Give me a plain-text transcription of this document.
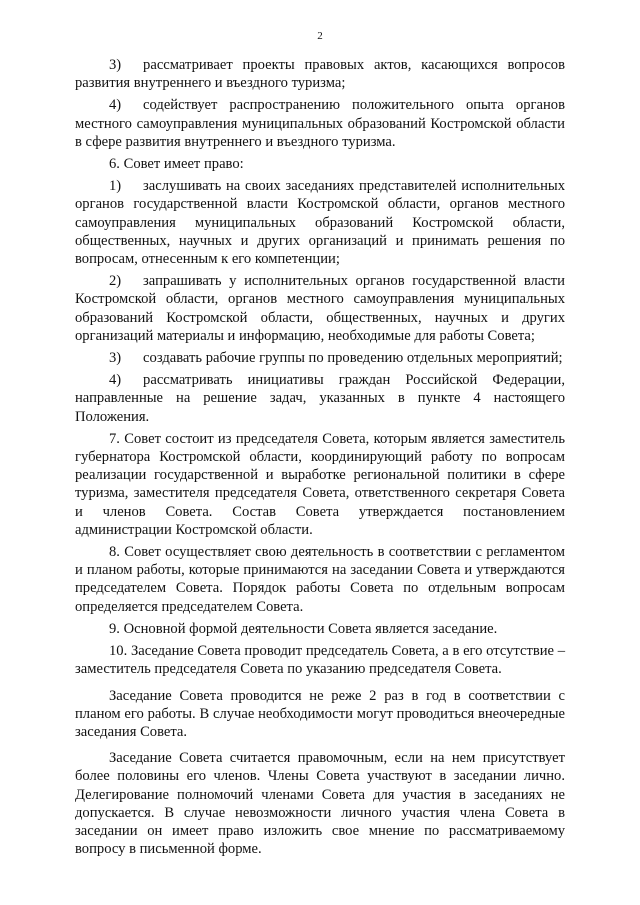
2

3)  рассматривает проекты правовых актов, касающихся вопросов развития внутреннего и въездного туризма;

4)  содействует распространению положительного опыта органов местного самоуправления муниципальных образований Костромской области в сфере развития внутреннего и въездного туризма.

6. Совет имеет право:

1)  заслушивать на своих заседаниях представителей исполнительных органов государственной власти Костромской области, органов местного самоуправления муниципальных образований Костромской области, общественных, научных и других организаций и принимать решения по вопросам, отнесенным к его компетенции;

2)  запрашивать у исполнительных органов государственной власти Костромской области, органов местного самоуправления муниципальных образований Костромской области, общественных, научных и других организаций материалы и информацию, необходимые для работы Совета;

3)  создавать рабочие группы по проведению отдельных мероприятий;

4)  рассматривать инициативы граждан Российской Федерации, направленные на решение задач, указанных в пункте 4 настоящего Положения.

7. Совет состоит из председателя Совета, которым является заместитель губернатора Костромской области, координирующий работу по вопросам реализации государственной и выработке региональной политики в сфере туризма, заместителя председателя Совета, ответственного секретаря Совета и членов Совета. Состав Совета утверждается постановлением администрации Костромской области.

8. Совет осуществляет свою деятельность в соответствии с регламентом и планом работы, которые принимаются на заседании Совета и утверждаются председателем Совета. Порядок работы Совета по отдельным вопросам определяется председателем Совета.

9. Основной формой деятельности Совета является заседание.

10. Заседание Совета проводит председатель Совета, а в его отсутствие – заместитель председателя Совета по указанию председателя Совета.

Заседание Совета проводится не реже 2 раз в год в соответствии с планом его работы. В случае необходимости могут проводиться внеочередные заседания Совета.

Заседание Совета считается правомочным, если на нем присутствует более половины его членов. Члены Совета участвуют в заседании лично. Делегирование полномочий членами Совета для участия в заседаниях не допускается. В случае невозможности личного участия члена Совета в заседании он имеет право изложить свое мнение по рассматриваемому вопросу в письменной форме.
